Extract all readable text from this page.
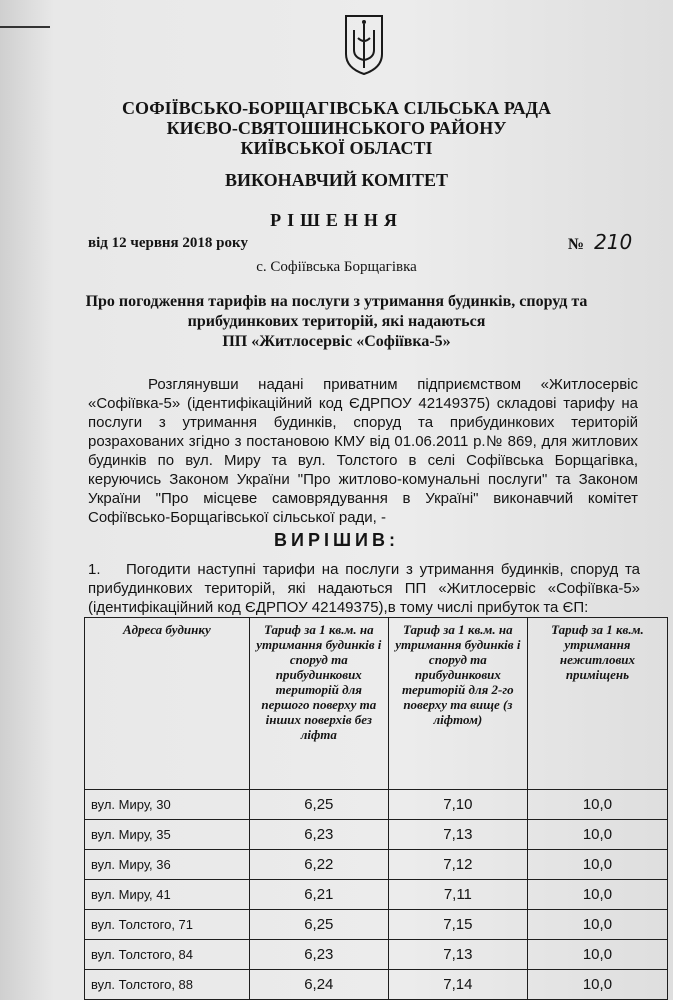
СОФІЇВСЬКО-БОРЩАГІВСЬКА СІЛЬСЬКА РАДА
КИЄВО-СВЯТОШИНСЬКОГО РАЙОНУ
КИЇВСЬКОЇ ОБЛАСТІ
ВИКОНАВЧИЙ КОМІТЕТ
РІШЕННЯ
від 12 червня 2018 року	№ 210
с. Софіївська Борщагівка
Про погодження тарифів на послуги з утримання будинків, споруд та
прибудинкових територій, які надаються
ПП «Житлосервіс «Софіївка-5»
Розглянувши надані приватним підприємством «Житлосервіс «Софіївка-5» (ідентифікаційний код ЄДРПОУ 42149375) складові тарифу на послуги з утримання будинків, споруд та прибудинкових територій розрахованих згідно з постановою КМУ від 01.06.2011 р.№ 869, для житлових будинків по вул. Миру та вул. Толстого в селі Софіївська Борщагівка, керуючись Законом України "Про житлово-комунальні послуги" та Законом України "Про місцеве самоврядування в Україні" виконавчий комітет Софіївсько-Борщагівської сільської ради, -
ВИРІШИВ:
1. Погодити наступні тарифи на послуги з утримання будинків, споруд та прибудинкових територій, які надаються ПП «Житлосервіс «Софіївка-5» (ідентифікаційний код ЄДРПОУ 42149375),в тому числі прибуток та ЄП:
Адреса будинку	Тариф за 1 кв.м. на утримання будинків і споруд та прибудинкових територій для першого поверху та інших поверхів без ліфта	Тариф за 1 кв.м. на утримання будинків і споруд та прибудинкових територій для 2-го поверху та вище (з ліфтом)	Тариф за 1 кв.м. утримання нежитлових приміщень
вул. Миру, 30	6,25	7,10	10,0
вул. Миру, 35	6,23	7,13	10,0
вул. Миру, 36	6,22	7,12	10,0
вул. Миру, 41	6,21	7,11	10,0
вул. Толстого, 71	6,25	7,15	10,0
вул. Толстого, 84	6,23	7,13	10,0
вул. Толстого, 88	6,24	7,14	10,0
